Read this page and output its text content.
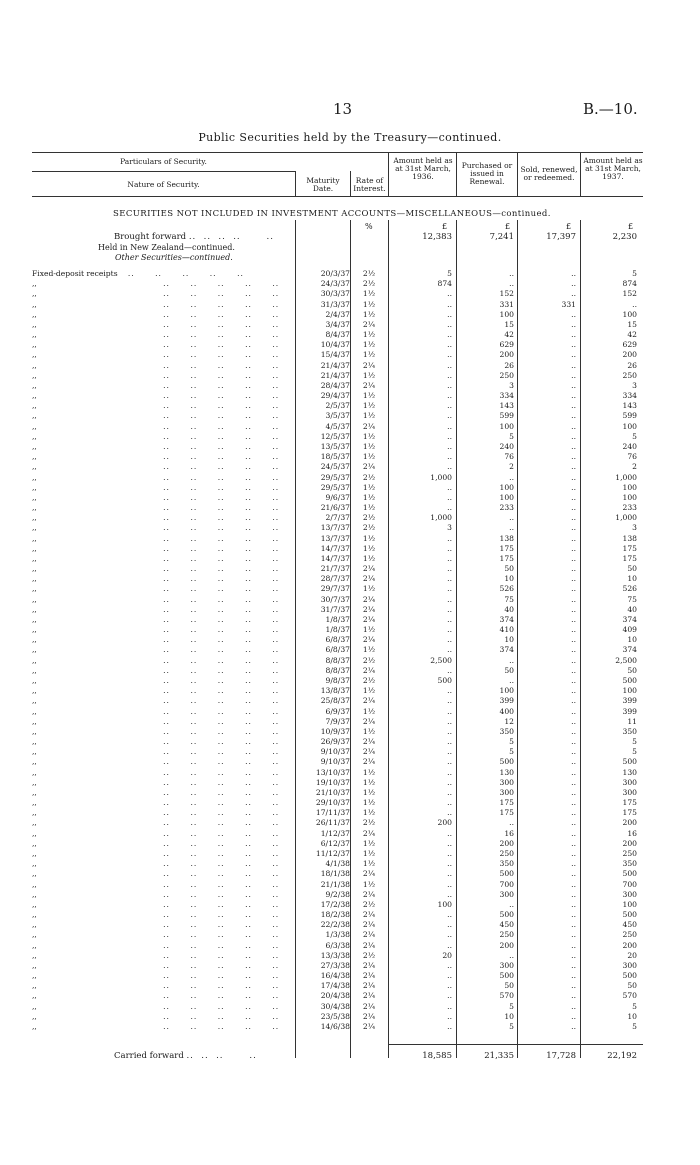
13	B.—10.
Public Securities held by the Treasury—continued.
Particulars of Security.
Nature of Security.	Maturity Date.
Rate of Interest.
Amount held as at 31st March, 1936.
Purchased or issued in Renewal.
Sold, renewed, or redeemed.
Amount held as at 31st March, 1937.
SECURITIES NOT INCLUDED IN INVESTMENT ACCOUNTS—MISCELLANEOUS—continued.
%	£	£	£	£
Brought forward ..  ..  ..  ..       ..	12,383	7,241	17,397	2,230
Held in New Zealand—continued.
Other Securities—continued.
Fixed-deposit receipts   ..      ..      ..      ..      ..	20/3/37	2½	5	..	..	5
,,                                     ..      ..      ..      ..      ..	24/3/37	2½	874	..	..	874
,,                                     ..      ..      ..      ..      ..	30/3/37	1½	..	152	..	152
,,                                     ..      ..      ..      ..      ..	31/3/37	1½	..	331	331	..
,,                                     ..      ..      ..      ..      ..	2/4/37	1½	..	100	..	100
,,                                     ..      ..      ..      ..      ..	3/4/37	2¼	..	15	..	15
,,                                     ..      ..      ..      ..      ..	8/4/37	1½	..	42	..	42
,,                                     ..      ..      ..      ..      ..	10/4/37	1½	..	629	..	629
,,                                     ..      ..      ..      ..      ..	15/4/37	1½	..	200	..	200
,,                                     ..      ..      ..      ..      ..	21/4/37	2¼	..	26	..	26
,,                                     ..      ..      ..      ..      ..	21/4/37	1½	..	250	..	250
,,                                     ..      ..      ..      ..      ..	28/4/37	2¼	..	3	..	3
,,                                     ..      ..      ..      ..      ..	29/4/37	1½	..	334	..	334
,,                                     ..      ..      ..      ..      ..	2/5/37	1½	..	143	..	143
,,                                     ..      ..      ..      ..      ..	3/5/37	1½	..	599	..	599
,,                                     ..      ..      ..      ..      ..	4/5/37	2¼	..	100	..	100
,,                                     ..      ..      ..      ..      ..	12/5/37	1½	..	5	..	5
,,                                     ..      ..      ..      ..      ..	13/5/37	1½	..	240	..	240
,,                                     ..      ..      ..      ..      ..	18/5/37	1½	..	76	..	76
,,                                     ..      ..      ..      ..      ..	24/5/37	2¼	..	2	..	2
,,                                     ..      ..      ..      ..      ..	29/5/37	2½	1,000	..	..	1,000
,,                                     ..      ..      ..      ..      ..	29/5/37	1½	..	100	..	100
,,                                     ..      ..      ..      ..      ..	9/6/37	1½	..	100	..	100
,,                                     ..      ..      ..      ..      ..	21/6/37	1½	..	233	..	233
,,                                     ..      ..      ..      ..      ..	2/7/37	2½	1,000	..	..	1,000
,,                                     ..      ..      ..      ..      ..	13/7/37	2½	3	..	..	3
,,                                     ..      ..      ..      ..      ..	13/7/37	1½	..	138	..	138
,,                                     ..      ..      ..      ..      ..	14/7/37	1½	..	175	..	175
,,                                     ..      ..      ..      ..      ..	14/7/37	1½	..	175	..	175
,,                                     ..      ..      ..      ..      ..	21/7/37	2¼	..	50	..	50
,,                                     ..      ..      ..      ..      ..	28/7/37	2¼	..	10	..	10
,,                                     ..      ..      ..      ..      ..	29/7/37	1½	..	526	..	526
,,                                     ..      ..      ..      ..      ..	30/7/37	2¼	..	75	..	75
,,                                     ..      ..      ..      ..      ..	31/7/37	2¼	..	40	..	40
,,                                     ..      ..      ..      ..      ..	1/8/37	2¼	..	374	..	374
,,                                     ..      ..      ..      ..      ..	1/8/37	1½	..	410	..	409
,,                                     ..      ..      ..      ..      ..	6/8/37	2¼	..	10	..	10
,,                                     ..      ..      ..      ..      ..	6/8/37	1½	..	374	..	374
,,                                     ..      ..      ..      ..      ..	8/8/37	2½	2,500	..	..	2,500
,,                                     ..      ..      ..      ..      ..	8/8/37	2¼	..	50	..	50
,,                                     ..      ..      ..      ..      ..	9/8/37	2½	500	..	..	500
,,                                     ..      ..      ..      ..      ..	13/8/37	1½	..	100	..	100
,,                                     ..      ..      ..      ..      ..	25/8/37	2¼	..	399	..	399
,,                                     ..      ..      ..      ..      ..	6/9/37	1½	..	400	..	399
,,                                     ..      ..      ..      ..      ..	7/9/37	2¼	..	12	..	11
,,                                     ..      ..      ..      ..      ..	10/9/37	1½	..	350	..	350
,,                                     ..      ..      ..      ..      ..	26/9/37	2¼	..	5	..	5
,,                                     ..      ..      ..      ..      ..	9/10/37	2¼	..	5	..	5
,,                                     ..      ..      ..      ..      ..	9/10/37	2¼	..	500	..	500
,,                                     ..      ..      ..      ..      ..	13/10/37	1½	..	130	..	130
,,                                     ..      ..      ..      ..      ..	19/10/37	1½	..	300	..	300
,,                                     ..      ..      ..      ..      ..	21/10/37	1½	..	300	..	300
,,                                     ..      ..      ..      ..      ..	29/10/37	1½	..	175	..	175
,,                                     ..      ..      ..      ..      ..	17/11/37	1½	..	175	..	175
,,                                     ..      ..      ..      ..      ..	26/11/37	2½	200	..	..	200
,,                                     ..      ..      ..      ..      ..	1/12/37	2¼	..	16	..	16
,,                                     ..      ..      ..      ..      ..	6/12/37	1½	..	200	..	200
,,                                     ..      ..      ..      ..      ..	11/12/37	1½	..	250	..	250
,,                                     ..      ..      ..      ..      ..	4/1/38	1½	..	350	..	350
,,                                     ..      ..      ..      ..      ..	18/1/38	2¼	..	500	..	500
,,                                     ..      ..      ..      ..      ..	21/1/38	1½	..	700	..	700
,,                                     ..      ..      ..      ..      ..	9/2/38	2¼	..	300	..	300
,,                                     ..      ..      ..      ..      ..	17/2/38	2½	100	..	..	100
,,                                     ..      ..      ..      ..      ..	18/2/38	2¼	..	500	..	500
,,                                     ..      ..      ..      ..      ..	22/2/38	2¼	..	450	..	450
,,                                     ..      ..      ..      ..      ..	1/3/38	2¼	..	250	..	250
,,                                     ..      ..      ..      ..      ..	6/3/38	2¼	..	200	..	200
,,                                     ..      ..      ..      ..      ..	13/3/38	2½	20	..	..	20
,,                                     ..      ..      ..      ..      ..	27/3/38	2¼	..	300	..	300
,,                                     ..      ..      ..      ..      ..	16/4/38	2¼	..	500	..	500
,,                                     ..      ..      ..      ..      ..	17/4/38	2¼	..	50	..	50
,,                                     ..      ..      ..      ..      ..	20/4/38	2¼	..	570	..	570
,,                                     ..      ..      ..      ..      ..	30/4/38	2¼	..	5	..	5
,,                                     ..      ..      ..      ..      ..	23/5/38	2¼	..	10	..	10
,,                                     ..      ..      ..      ..      ..	14/6/38	2¼	..	5	..	5
Carried forward ..  ..  ..       ..	18,585	21,335	17,728	22,192
